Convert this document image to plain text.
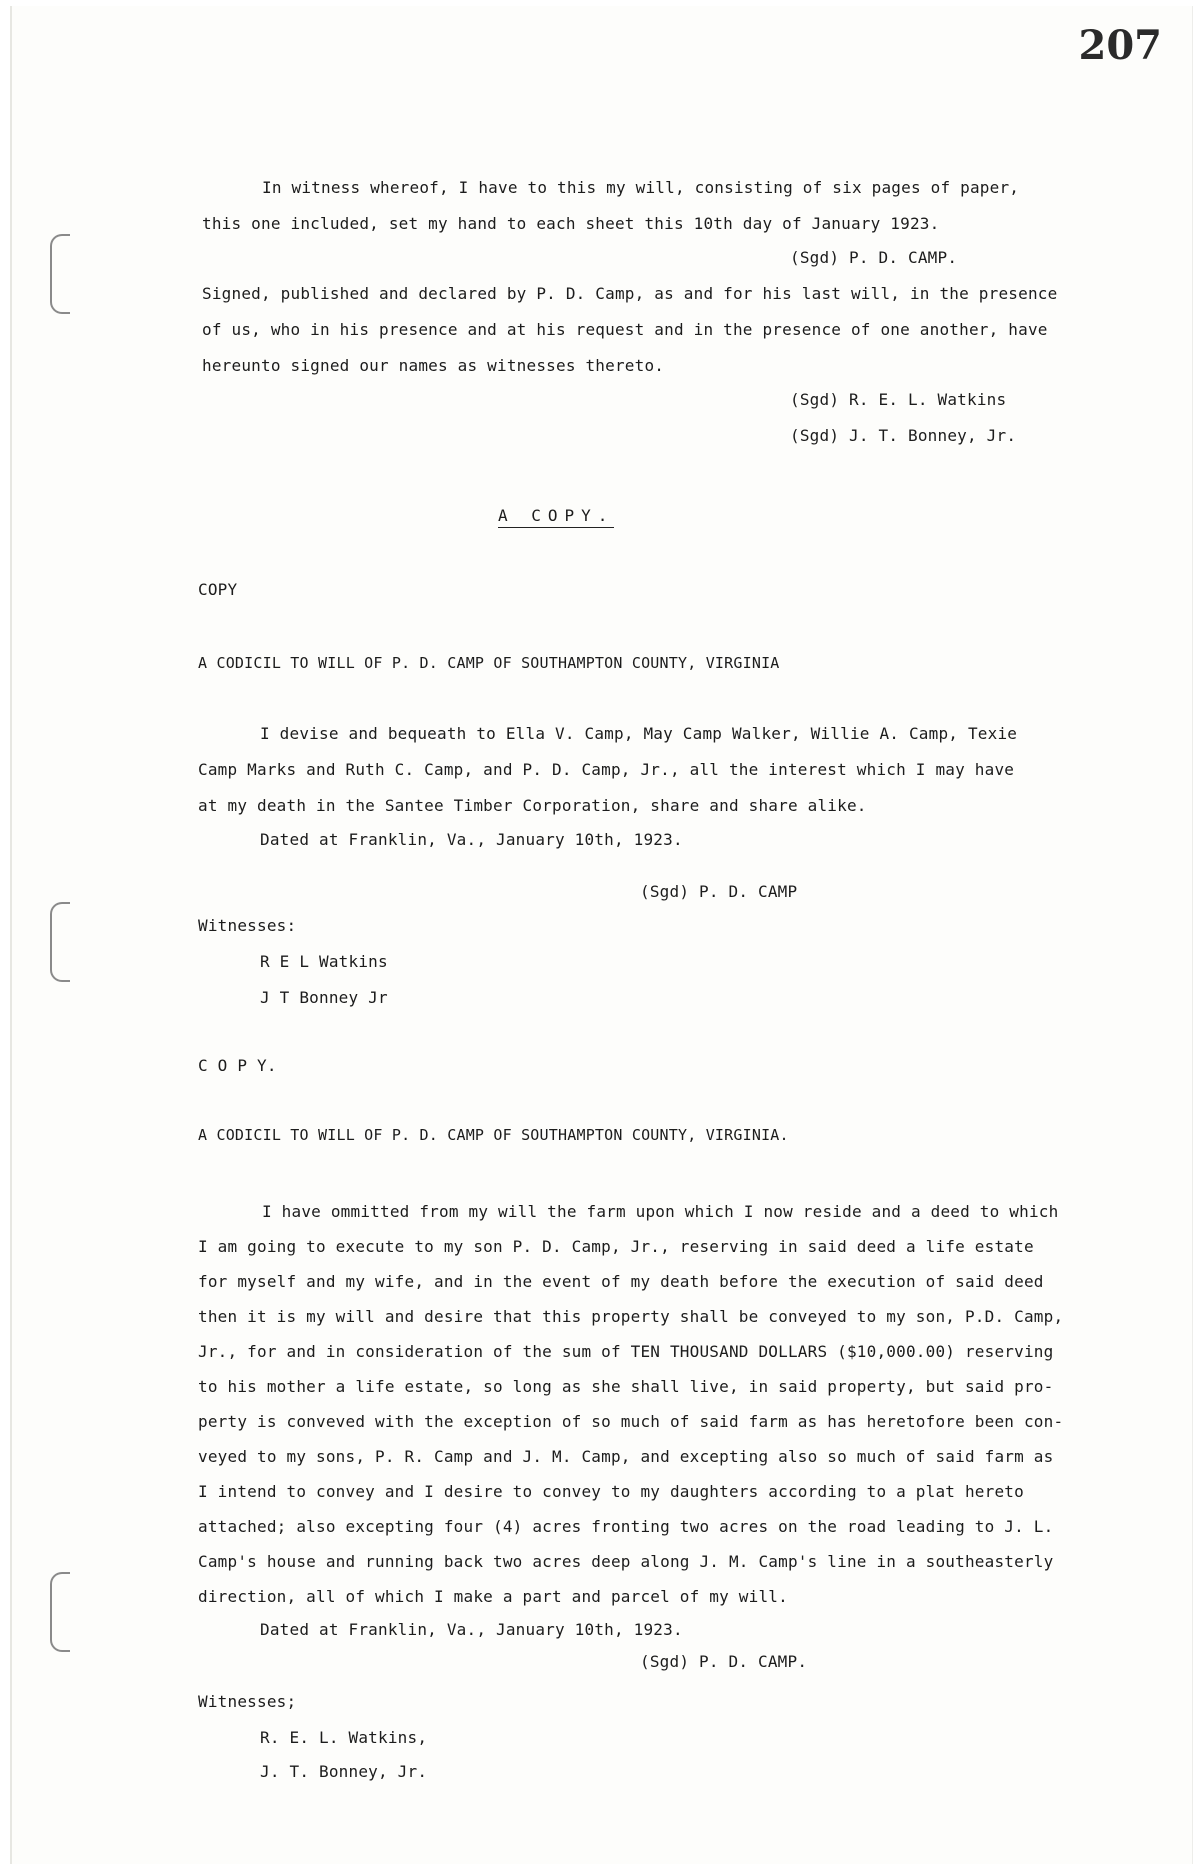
207
In witness whereof, I have to this my will, consisting of six pages of paper,
this one included, set my hand to each sheet this 10th day of January 1923.
(Sgd) P. D. CAMP.
Signed, published and declared by P. D. Camp, as and for his last will, in the presence
of us, who in his presence and at his request and in the presence of one another, have
hereunto signed our names as witnesses thereto.
(Sgd) R. E. L. Watkins
(Sgd) J. T. Bonney, Jr.
A COPY.
COPY
A CODICIL TO WILL OF P. D. CAMP OF SOUTHAMPTON COUNTY, VIRGINIA
I devise and bequeath to Ella V. Camp, May Camp Walker, Willie A. Camp, Texie
Camp Marks and Ruth C. Camp, and P. D. Camp, Jr., all the interest which I may have
at my death in the Santee Timber Corporation, share and share alike.
Dated at Franklin, Va., January 10th, 1923.
(Sgd) P. D. CAMP
Witnesses:
R E L Watkins
J T Bonney Jr
C O P Y.
A CODICIL TO WILL OF P. D. CAMP OF SOUTHAMPTON COUNTY, VIRGINIA.
I have ommitted from my will the farm upon which I now reside and a deed to which
I am going to execute to my son P. D. Camp, Jr., reserving in said deed a life estate
for myself and my wife, and in the event of my death before the execution of said deed
then it is my will and desire that this property shall be conveyed to my son, P.D. Camp,
Jr., for and in consideration of the sum of TEN THOUSAND DOLLARS ($10,000.00) reserving
to his mother a life estate, so long as she shall live, in said property, but said pro-
perty is conveved with the exception of so much of said farm as has heretofore been con-
veyed to my sons, P. R. Camp and J. M. Camp, and excepting also so much of said farm as
I intend to convey and I desire to convey to my daughters according to a plat hereto
attached; also excepting four (4) acres fronting two acres on the road leading to J. L.
Camp's house and running back two acres deep along J. M. Camp's line in a southeasterly
direction, all of which I make a part and parcel of my will.
Dated at Franklin, Va., January 10th, 1923.
(Sgd) P. D. CAMP.
Witnesses;
R. E. L. Watkins,
J. T. Bonney, Jr.
